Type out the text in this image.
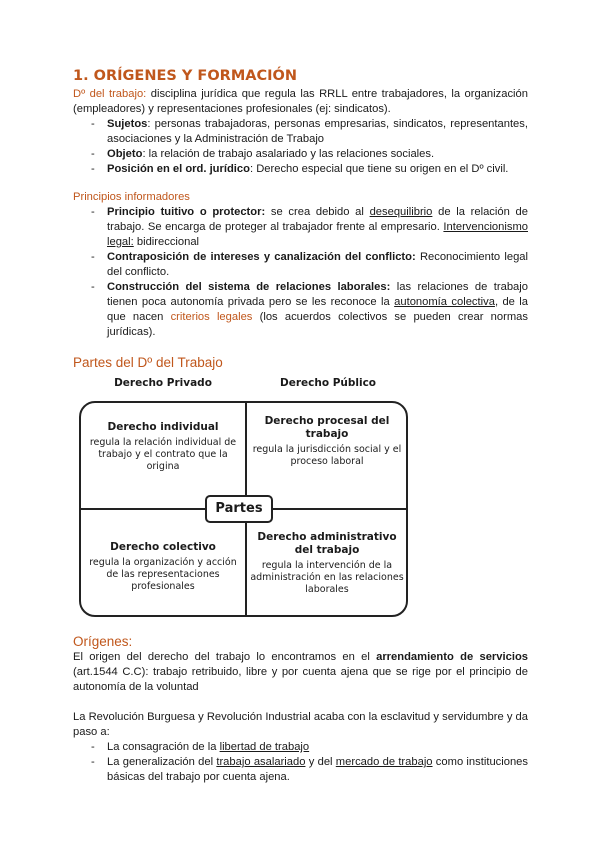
1. ORÍGENES Y FORMACIÓN

Dº del trabajo: disciplina jurídica que regula las RRLL entre trabajadores, la organización (empleadores) y representaciones profesionales (ej: sindicatos).

- Sujetos: personas trabajadoras, personas empresarias, sindicatos, representantes, asociaciones y la Administración de Trabajo
- Objeto: la relación de trabajo asalariado y las relaciones sociales.
- Posición en el ord. jurídico: Derecho especial que tiene su origen en el Dº civil.

Principios informadores

- Principio tuitivo o protector: se crea debido al desequilibrio de la relación de trabajo. Se encarga de proteger al trabajador frente al empresario. Intervencionismo legal: bidireccional
- Contraposición de intereses y canalización del conflicto: Reconocimiento legal del conflicto.
- Construcción del sistema de relaciones laborales: las relaciones de trabajo tienen poca autonomía privada pero se les reconoce la autonomía colectiva, de la que nacen criterios legales (los acuerdos colectivos se pueden crear normas jurídicas).

Partes del Dº del Trabajo

Derecho Privado	Derecho Público
Derecho individual
regula la relación individual de trabajo y el contrato que la origina
Derecho procesal del trabajo
regula la jurisdicción social y el proceso laboral
Derecho colectivo
regula la organización y acción de las representaciones profesionales
Derecho administrativo del trabajo
regula la intervención de la administración en las relaciones laborales
Partes

Orígenes:

El origen del derecho del trabajo lo encontramos en el arrendamiento de servicios (art.1544 C.C): trabajo retribuido, libre y por cuenta ajena que se rige por el principio de autonomía de la voluntad

La Revolución Burguesa y Revolución Industrial acaba con la esclavitud y servidumbre y da paso a:

- La consagración de la libertad de trabajo
- La generalización del trabajo asalariado y del mercado de trabajo como instituciones básicas del trabajo por cuenta ajena.
